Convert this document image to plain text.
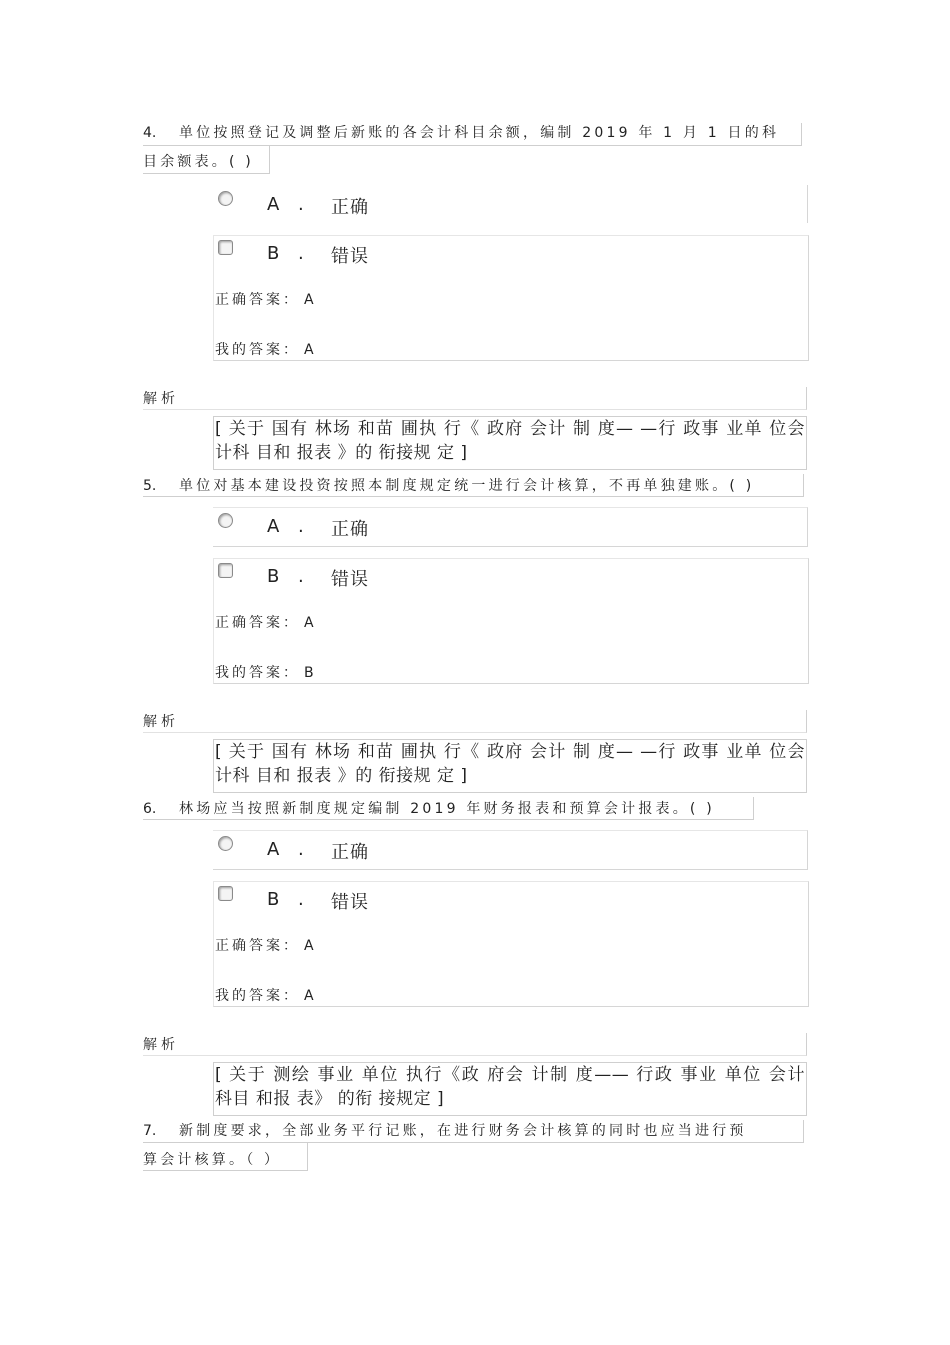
4. 单位按照登记及调整后新账的各会计科目余额，编制 2019 年 1 月 1 日的科
目余额表。( )
A . 正确
B . 错误
正确答案： A
我的答案： A
解析
[ 关于 国有 林场 和苗 圃执 行《 政府 会计 制 度— —行 政事 业单 位会
计科 目和 报表 》的 衔接规 定 ]
5. 单位对基本建设投资按照本制度规定统一进行会计核算，不再单独建账。( )
A . 正确
B . 错误
正确答案： A
我的答案： B
解析
[ 关于 国有 林场 和苗 圃执 行《 政府 会计 制 度— —行 政事 业单 位会
计科 目和 报表 》的 衔接规 定 ]
6. 林场应当按照新制度规定编制 2019 年财务报表和预算会计报表。( )
A . 正确
B . 错误
正确答案： A
我的答案： A
解析
[ 关于 测绘 事业 单位 执行《政 府会 计制 度—— 行政 事业 单位 会计
科目 和报 表》 的衔 接规定 ]
7. 新制度要求，全部业务平行记账，在进行财务会计核算的同时也应当进行预
算会计核算。（ ）
